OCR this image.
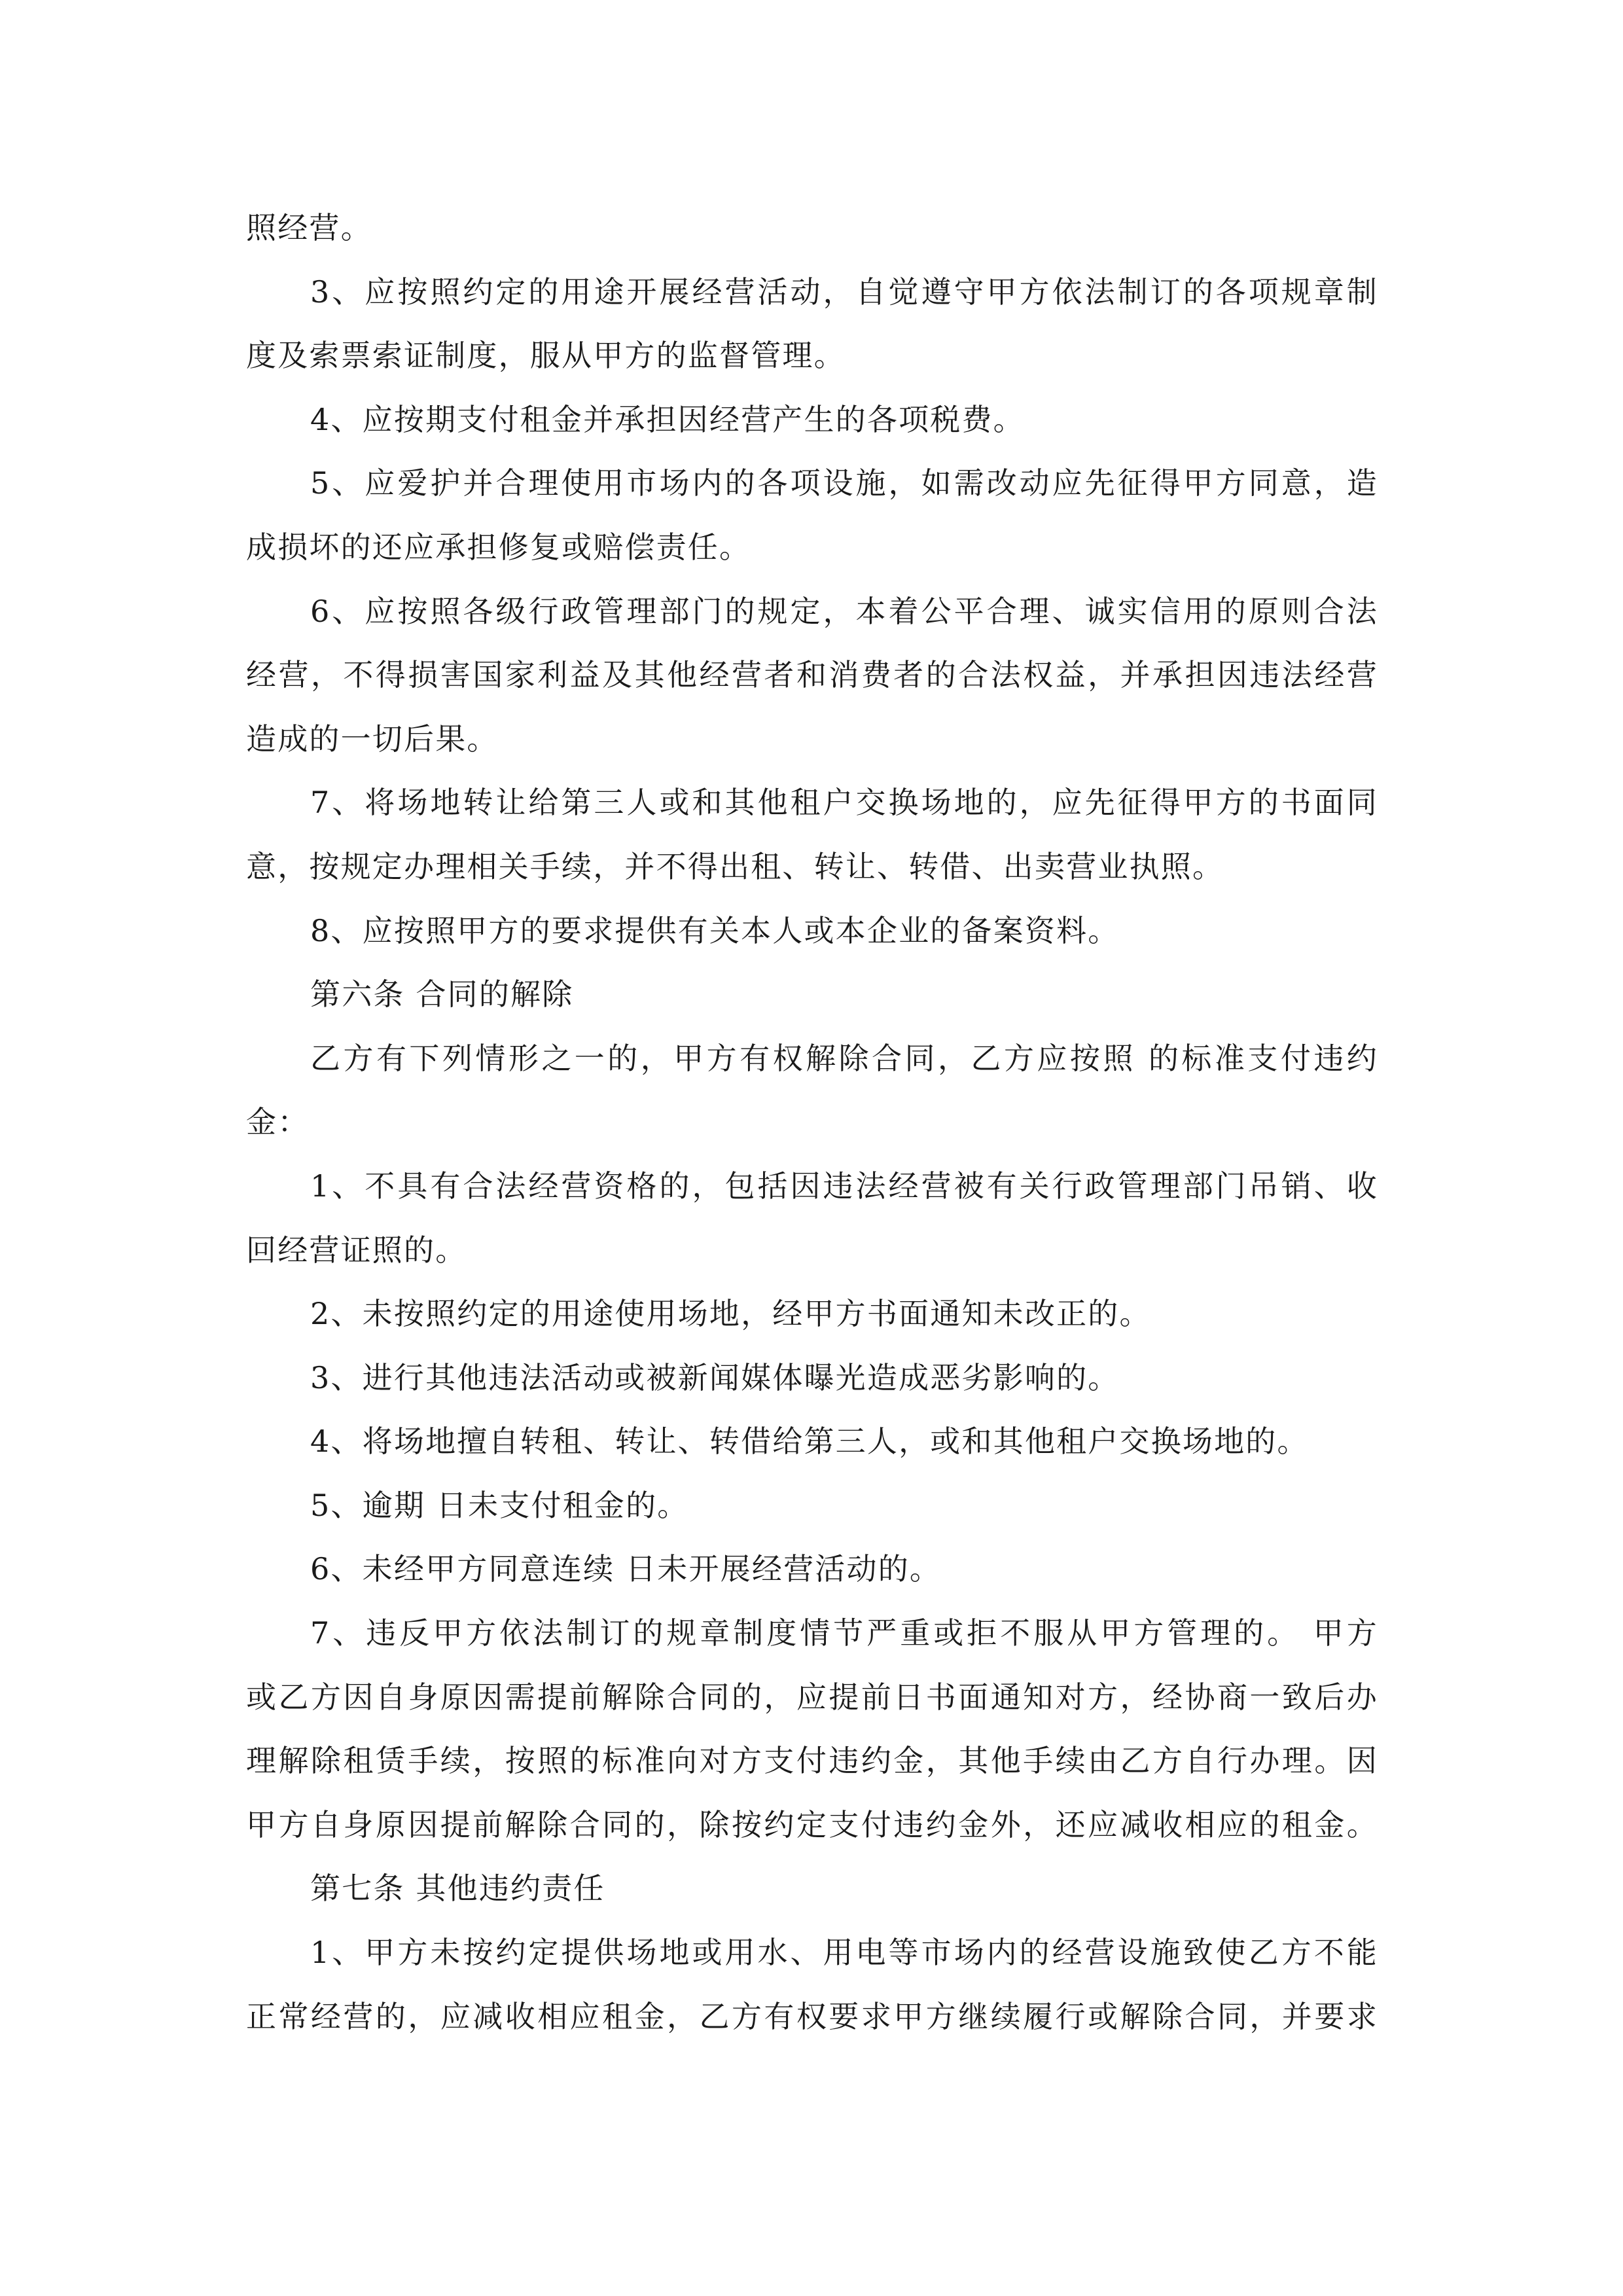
照经营。
3、应按照约定的用途开展经营活动，自觉遵守甲方依法制订的各项规章制
度及索票索证制度，服从甲方的监督管理。
4、应按期支付租金并承担因经营产生的各项税费。
5、应爱护并合理使用市场内的各项设施，如需改动应先征得甲方同意，造
成损坏的还应承担修复或赔偿责任。
6、应按照各级行政管理部门的规定，本着公平合理、诚实信用的原则合法
经营，不得损害国家利益及其他经营者和消费者的合法权益，并承担因违法经营
造成的一切后果。
7、将场地转让给第三人或和其他租户交换场地的，应先征得甲方的书面同
意，按规定办理相关手续，并不得出租、转让、转借、出卖营业执照。
8、应按照甲方的要求提供有关本人或本企业的备案资料。
第六条 合同的解除
乙方有下列情形之一的，甲方有权解除合同，乙方应按照 的标准支付违约
金：
1、不具有合法经营资格的，包括因违法经营被有关行政管理部门吊销、收
回经营证照的。
2、未按照约定的用途使用场地，经甲方书面通知未改正的。
3、进行其他违法活动或被新闻媒体曝光造成恶劣影响的。
4、将场地擅自转租、转让、转借给第三人，或和其他租户交换场地的。
5、逾期 日未支付租金的。
6、未经甲方同意连续 日未开展经营活动的。
7、违反甲方依法制订的规章制度情节严重或拒不服从甲方管理的。 甲方
或乙方因自身原因需提前解除合同的，应提前日书面通知对方，经协商一致后办
理解除租赁手续，按照的标准向对方支付违约金，其他手续由乙方自行办理。因
甲方自身原因提前解除合同的，除按约定支付违约金外，还应减收相应的租金。
第七条 其他违约责任
1、甲方未按约定提供场地或用水、用电等市场内的经营设施致使乙方不能
正常经营的，应减收相应租金，乙方有权要求甲方继续履行或解除合同，并要求
